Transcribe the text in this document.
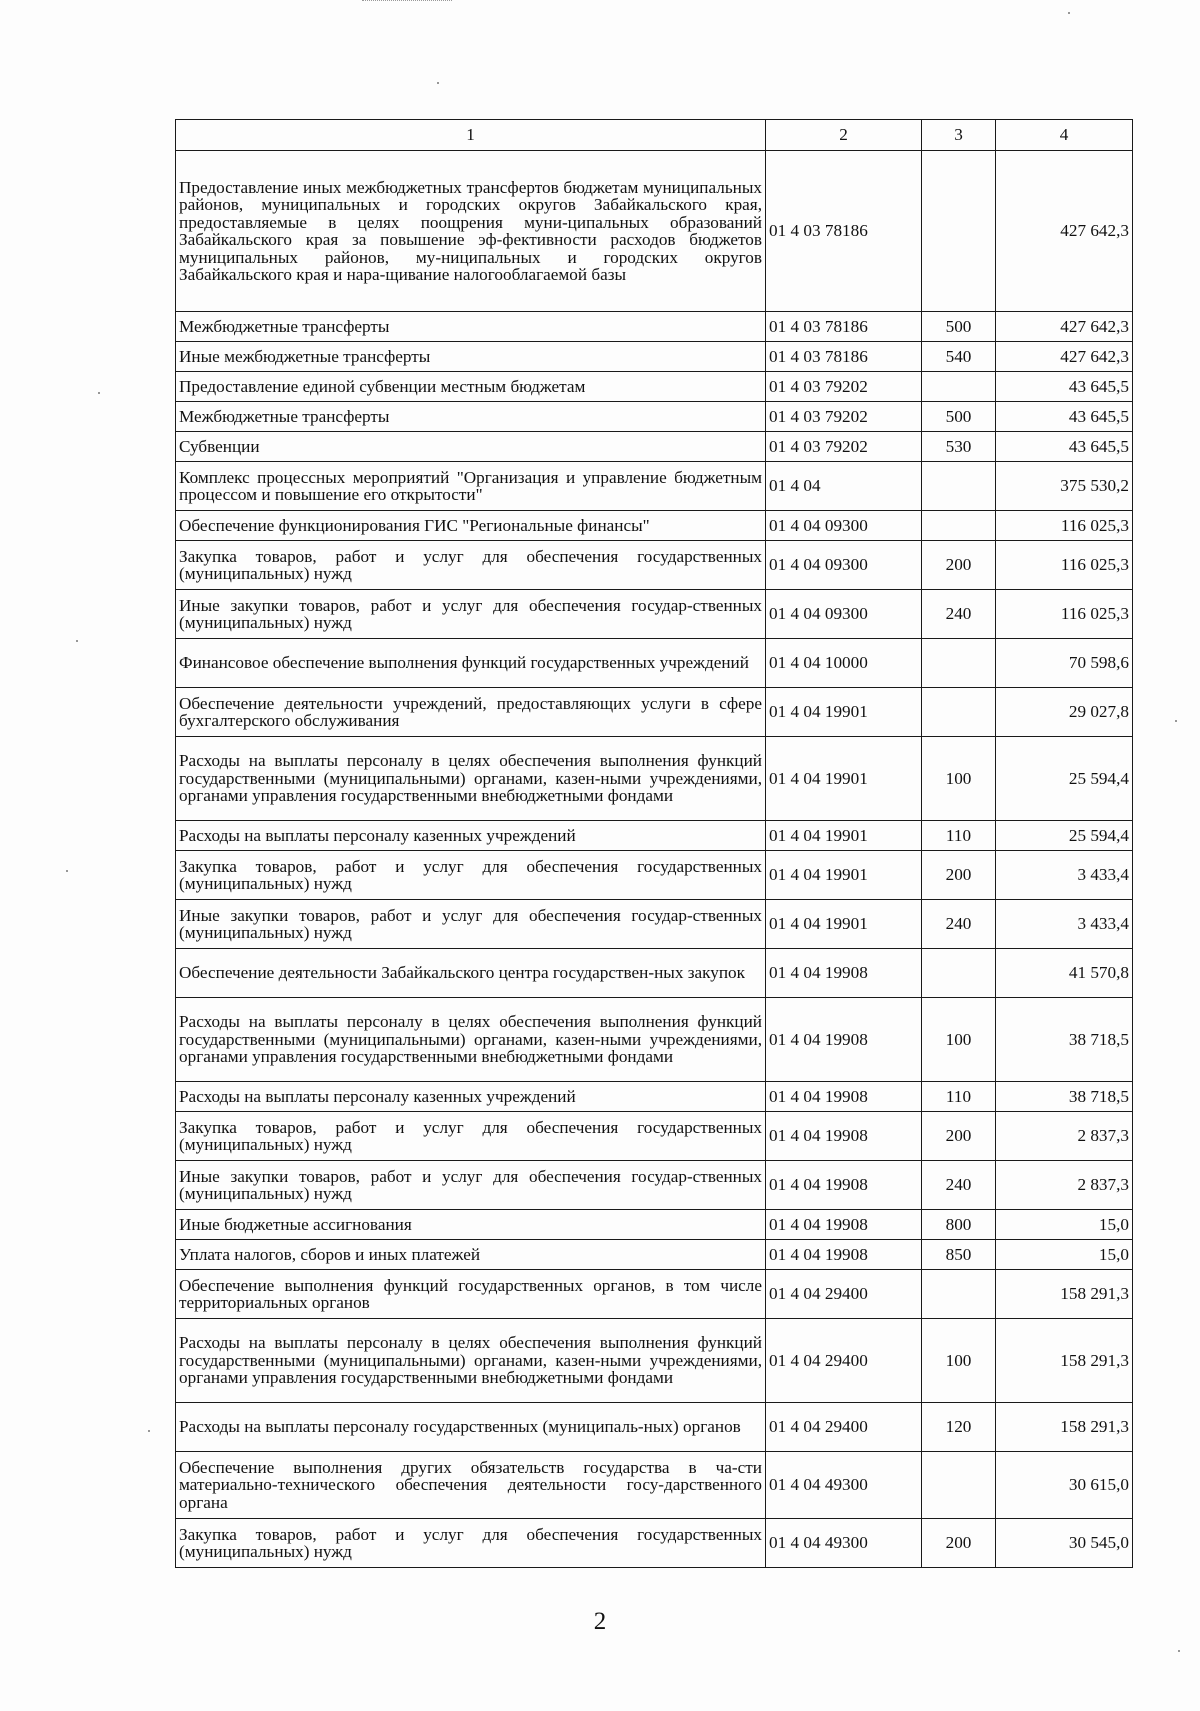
1	2	3	4
Предоставление иных межбюджетных трансфертов бюджетам муниципальных районов, муниципальных и городских округов Забайкальского края, предоставляемые в целях поощрения муни-ципальных образований Забайкальского края за повышение эф-фективности расходов бюджетов муниципальных районов, му-ниципальных и городских округов Забайкальского края и нара-щивание налогооблагаемой базы	01 4 03 78186		427 642,3
Межбюджетные трансферты	01 4 03 78186	500	427 642,3
Иные межбюджетные трансферты	01 4 03 78186	540	427 642,3
Предоставление единой субвенции местным бюджетам	01 4 03 79202		43 645,5
Межбюджетные трансферты	01 4 03 79202	500	43 645,5
Субвенции	01 4 03 79202	530	43 645,5
Комплекс процессных мероприятий "Организация и управление бюджетным процессом и повышение его открытости"	01 4 04		375 530,2
Обеспечение функционирования ГИС "Региональные финансы"	01 4 04 09300		116 025,3
Закупка товаров, работ и услуг для обеспечения государственных (муниципальных) нужд	01 4 04 09300	200	116 025,3
Иные закупки товаров, работ и услуг для обеспечения государ-ственных (муниципальных) нужд	01 4 04 09300	240	116 025,3
Финансовое обеспечение выполнения функций государственных учреждений	01 4 04 10000		70 598,6
Обеспечение деятельности учреждений, предоставляющих услуги в сфере бухгалтерского обслуживания	01 4 04 19901		29 027,8
Расходы на выплаты персоналу в целях обеспечения выполнения функций государственными (муниципальными) органами, казен-ными учреждениями, органами управления государственными внебюджетными фондами	01 4 04 19901	100	25 594,4
Расходы на выплаты персоналу казенных учреждений	01 4 04 19901	110	25 594,4
Закупка товаров, работ и услуг для обеспечения государственных (муниципальных) нужд	01 4 04 19901	200	3 433,4
Иные закупки товаров, работ и услуг для обеспечения государ-ственных (муниципальных) нужд	01 4 04 19901	240	3 433,4
Обеспечение деятельности Забайкальского центра государствен-ных закупок	01 4 04 19908		41 570,8
Расходы на выплаты персоналу в целях обеспечения выполнения функций государственными (муниципальными) органами, казен-ными учреждениями, органами управления государственными внебюджетными фондами	01 4 04 19908	100	38 718,5
Расходы на выплаты персоналу казенных учреждений	01 4 04 19908	110	38 718,5
Закупка товаров, работ и услуг для обеспечения государственных (муниципальных) нужд	01 4 04 19908	200	2 837,3
Иные закупки товаров, работ и услуг для обеспечения государ-ственных (муниципальных) нужд	01 4 04 19908	240	2 837,3
Иные бюджетные ассигнования	01 4 04 19908	800	15,0
Уплата налогов, сборов и иных платежей	01 4 04 19908	850	15,0
Обеспечение выполнения функций государственных органов, в том числе территориальных органов	01 4 04 29400		158 291,3
Расходы на выплаты персоналу в целях обеспечения выполнения функций государственными (муниципальными) органами, казен-ными учреждениями, органами управления государственными внебюджетными фондами	01 4 04 29400	100	158 291,3
Расходы на выплаты персоналу государственных (муниципаль-ных) органов	01 4 04 29400	120	158 291,3
Обеспечение выполнения других обязательств государства в ча-сти материально-технического обеспечения деятельности госу-дарственного органа	01 4 04 49300		30 615,0
Закупка товаров, работ и услуг для обеспечения государственных (муниципальных) нужд	01 4 04 49300	200	30 545,0
2
